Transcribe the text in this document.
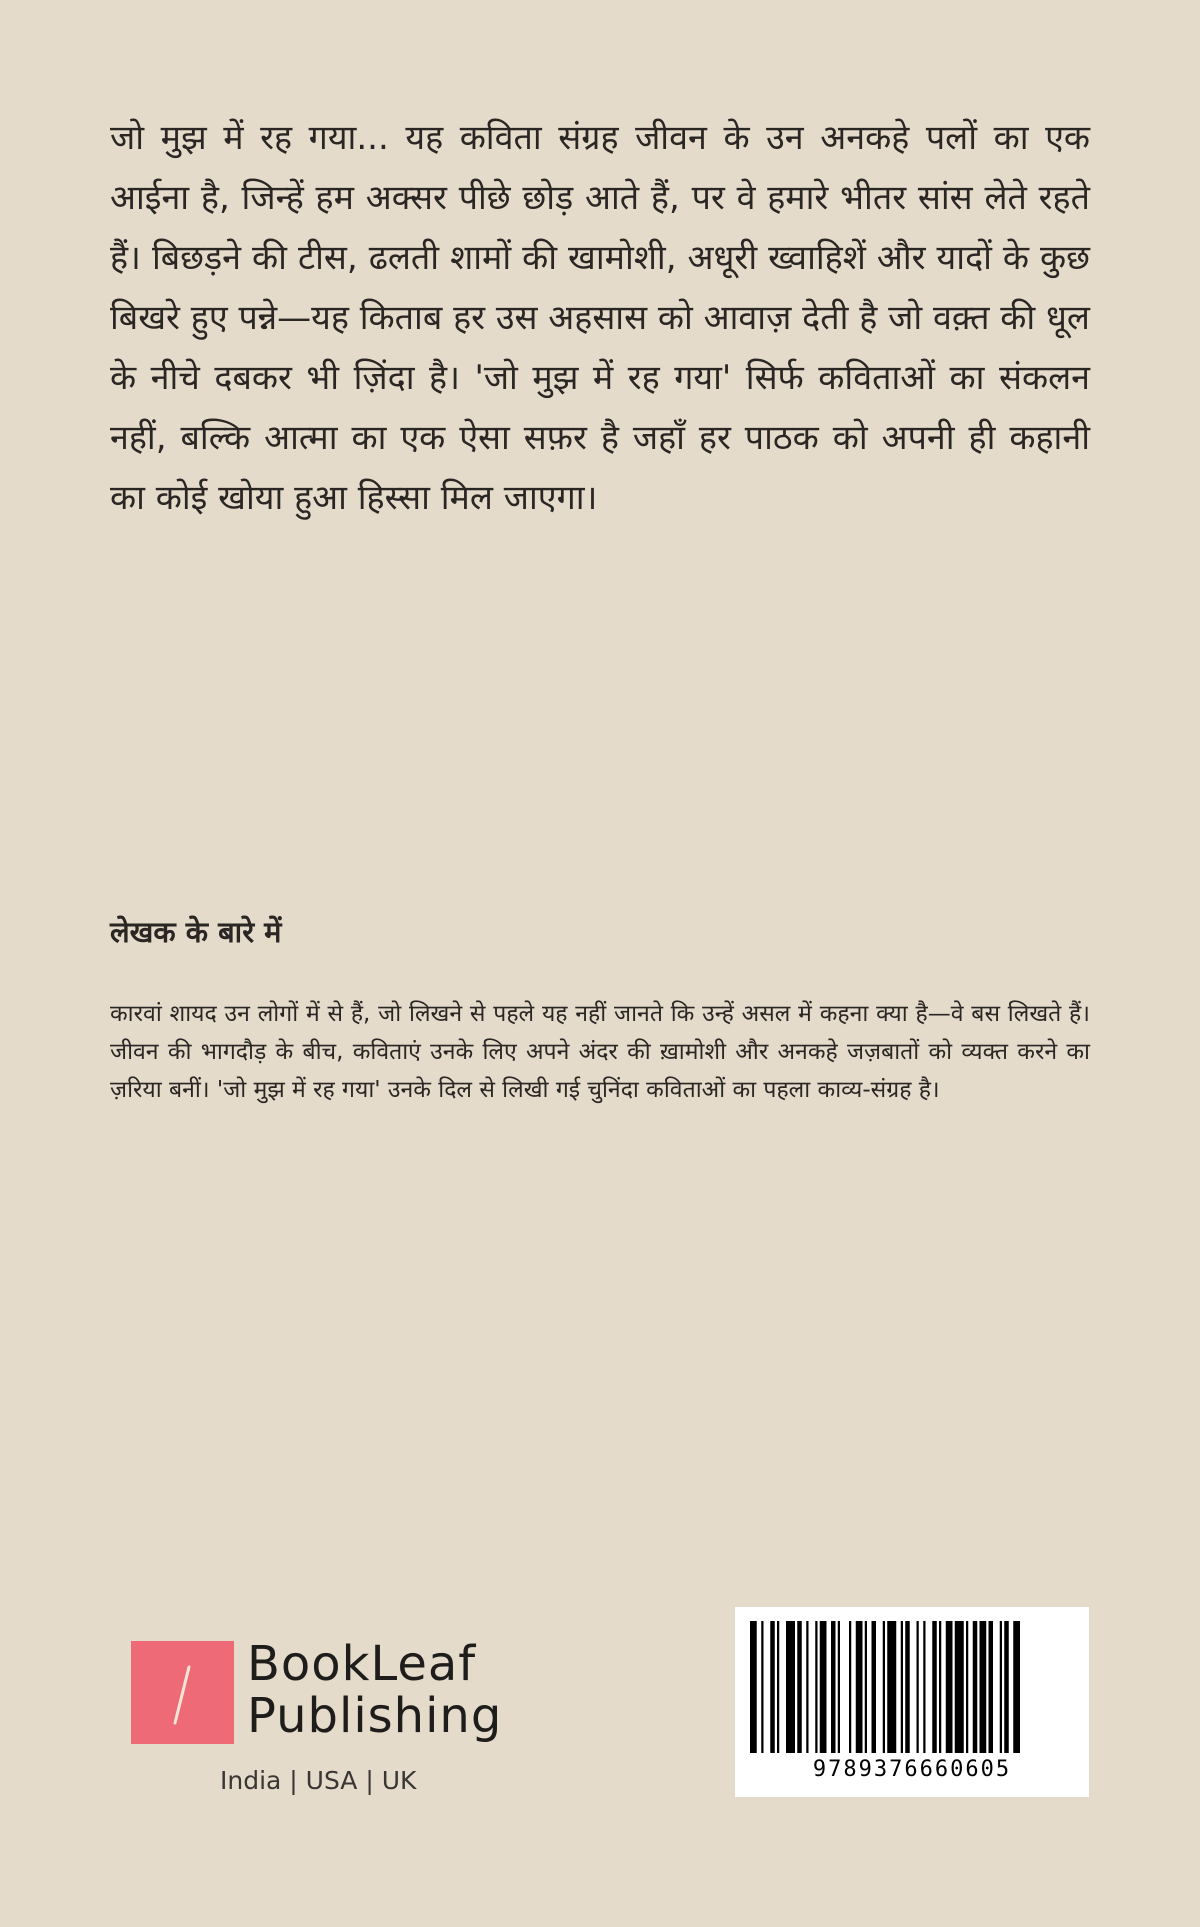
जो मुझ में रह गया... यह कविता संग्रह जीवन के उन अनकहे पलों का एक आईना है, जिन्हें हम अक्सर पीछे छोड़ आते हैं, पर वे हमारे भीतर सांस लेते रहते हैं। बिछड़ने की टीस, ढलती शामों की खामोशी, अधूरी ख्वाहिशें और यादों के कुछ बिखरे हुए पन्ने—यह किताब हर उस अहसास को आवाज़ देती है जो वक़्त की धूल के नीचे दबकर भी ज़िंदा है। 'जो मुझ में रह गया' सिर्फ कविताओं का संकलन नहीं, बल्कि आत्मा का एक ऐसा सफ़र है जहाँ हर पाठक को अपनी ही कहानी का कोई खोया हुआ हिस्सा मिल जाएगा।

लेखक के बारे में

कारवां शायद उन लोगों में से हैं, जो लिखने से पहले यह नहीं जानते कि उन्हें असल में कहना क्या है—वे बस लिखते हैं। जीवन की भागदौड़ के बीच, कविताएं उनके लिए अपने अंदर की ख़ामोशी और अनकहे जज़बातों को व्यक्त करने का ज़रिया बनीं। 'जो मुझ में रह गया' उनके दिल से लिखी गई चुनिंदा कविताओं का पहला काव्य-संग्रह है।

BookLeaf
Publishing
India | USA | UK	9789376660605
